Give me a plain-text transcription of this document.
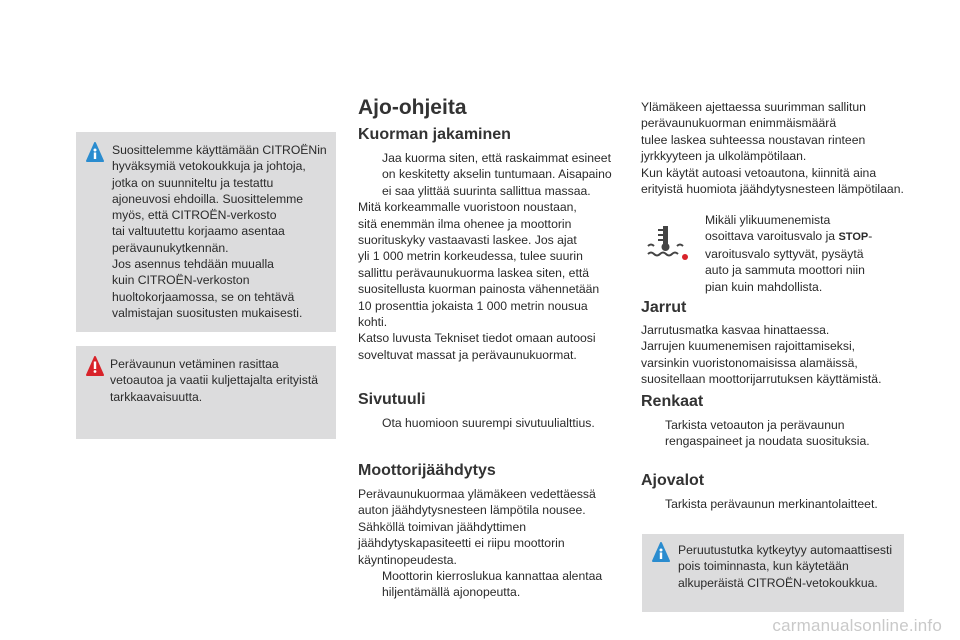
Suosittelemme käyttämään CITROËNin

hyväksymiä vetokoukkuja ja johtoja,

jotka on suunniteltu ja testattu

ajoneuvosi ehdoilla. Suosittelemme

myös, että CITROËN-verkosto

tai valtuutettu korjaamo asentaa

perävaunukytkennän.

Jos asennus tehdään muualla

kuin CITROËN-verkoston

huoltokorjaamossa, se on tehtävä

valmistajan suositusten mukaisesti.

Perävaunun vetäminen rasittaa

vetoautoa ja vaatii kuljettajalta erityistä

tarkkaavaisuutta.

Ajo-ohjeita
Kuorman jakaminen

Jaa kuorma siten, että raskaimmat esineet

on keskitetty akselin tuntumaan. Aisapaino

ei saa ylittää suurinta sallittua massaa.

Mitä korkeammalle vuoristoon noustaan,

sitä enemmän ilma ohenee ja moottorin

suorituskyky vastaavasti laskee. Jos ajat

yli 1 000 metrin korkeudessa, tulee suurin

sallittu perävaunukuorma laskea siten, että

suositellusta kuorman painosta vähennetään

10 prosenttia jokaista 1 000 metrin nousua

kohti.

Katso luvusta Tekniset tiedot omaan autoosi

soveltuvat massat ja perävaunukuormat.

Sivutuuli
Ota huomioon suurempi sivutuulialttius.
Moottorijäähdytys

Perävaunukuormaa ylämäkeen vedettäessä

auton jäähdytysnesteen lämpötila nousee.

Sähköllä toimivan jäähdyttimen

jäähdytyskapasiteetti ei riipu moottorin

käyntinopeudesta.

Moottorin kierroslukua kannattaa alentaa

hiljentämällä ajonopeutta.

Ylämäkeen ajettaessa suurimman sallitun

perävaunukuorman enimmäismäärä

tulee laskea suhteessa noustavan rinteen

jyrkkyyteen ja ulkolämpötilaan.

Kun käytät autoasi vetoautona, kiinnitä aina

erityistä huomiota jäähdytysnesteen lämpötilaan.

Mikäli ylikuumenemista

osoittava varoitusvalo ja STOP-

varoitusvalo syttyvät, pysäytä

auto ja sammuta moottori niin

pian kuin mahdollista.

Jarrut

Jarrutusmatka kasvaa hinattaessa.

Jarrujen kuumenemisen rajoittamiseksi,

varsinkin vuoristonomaisissa alamäissä,

suositellaan moottorijarrutuksen käyttämistä.

Renkaat

Tarkista vetoauton ja perävaunun

rengaspaineet ja noudata suosituksia.

Ajovalot
Tarkista perävaunun merkinantolaitteet.

Peruutustutka kytkeytyy automaattisesti

pois toiminnasta, kun käytetään

alkuperäistä CITROËN-vetokoukkua.

carmanualsonline.info
